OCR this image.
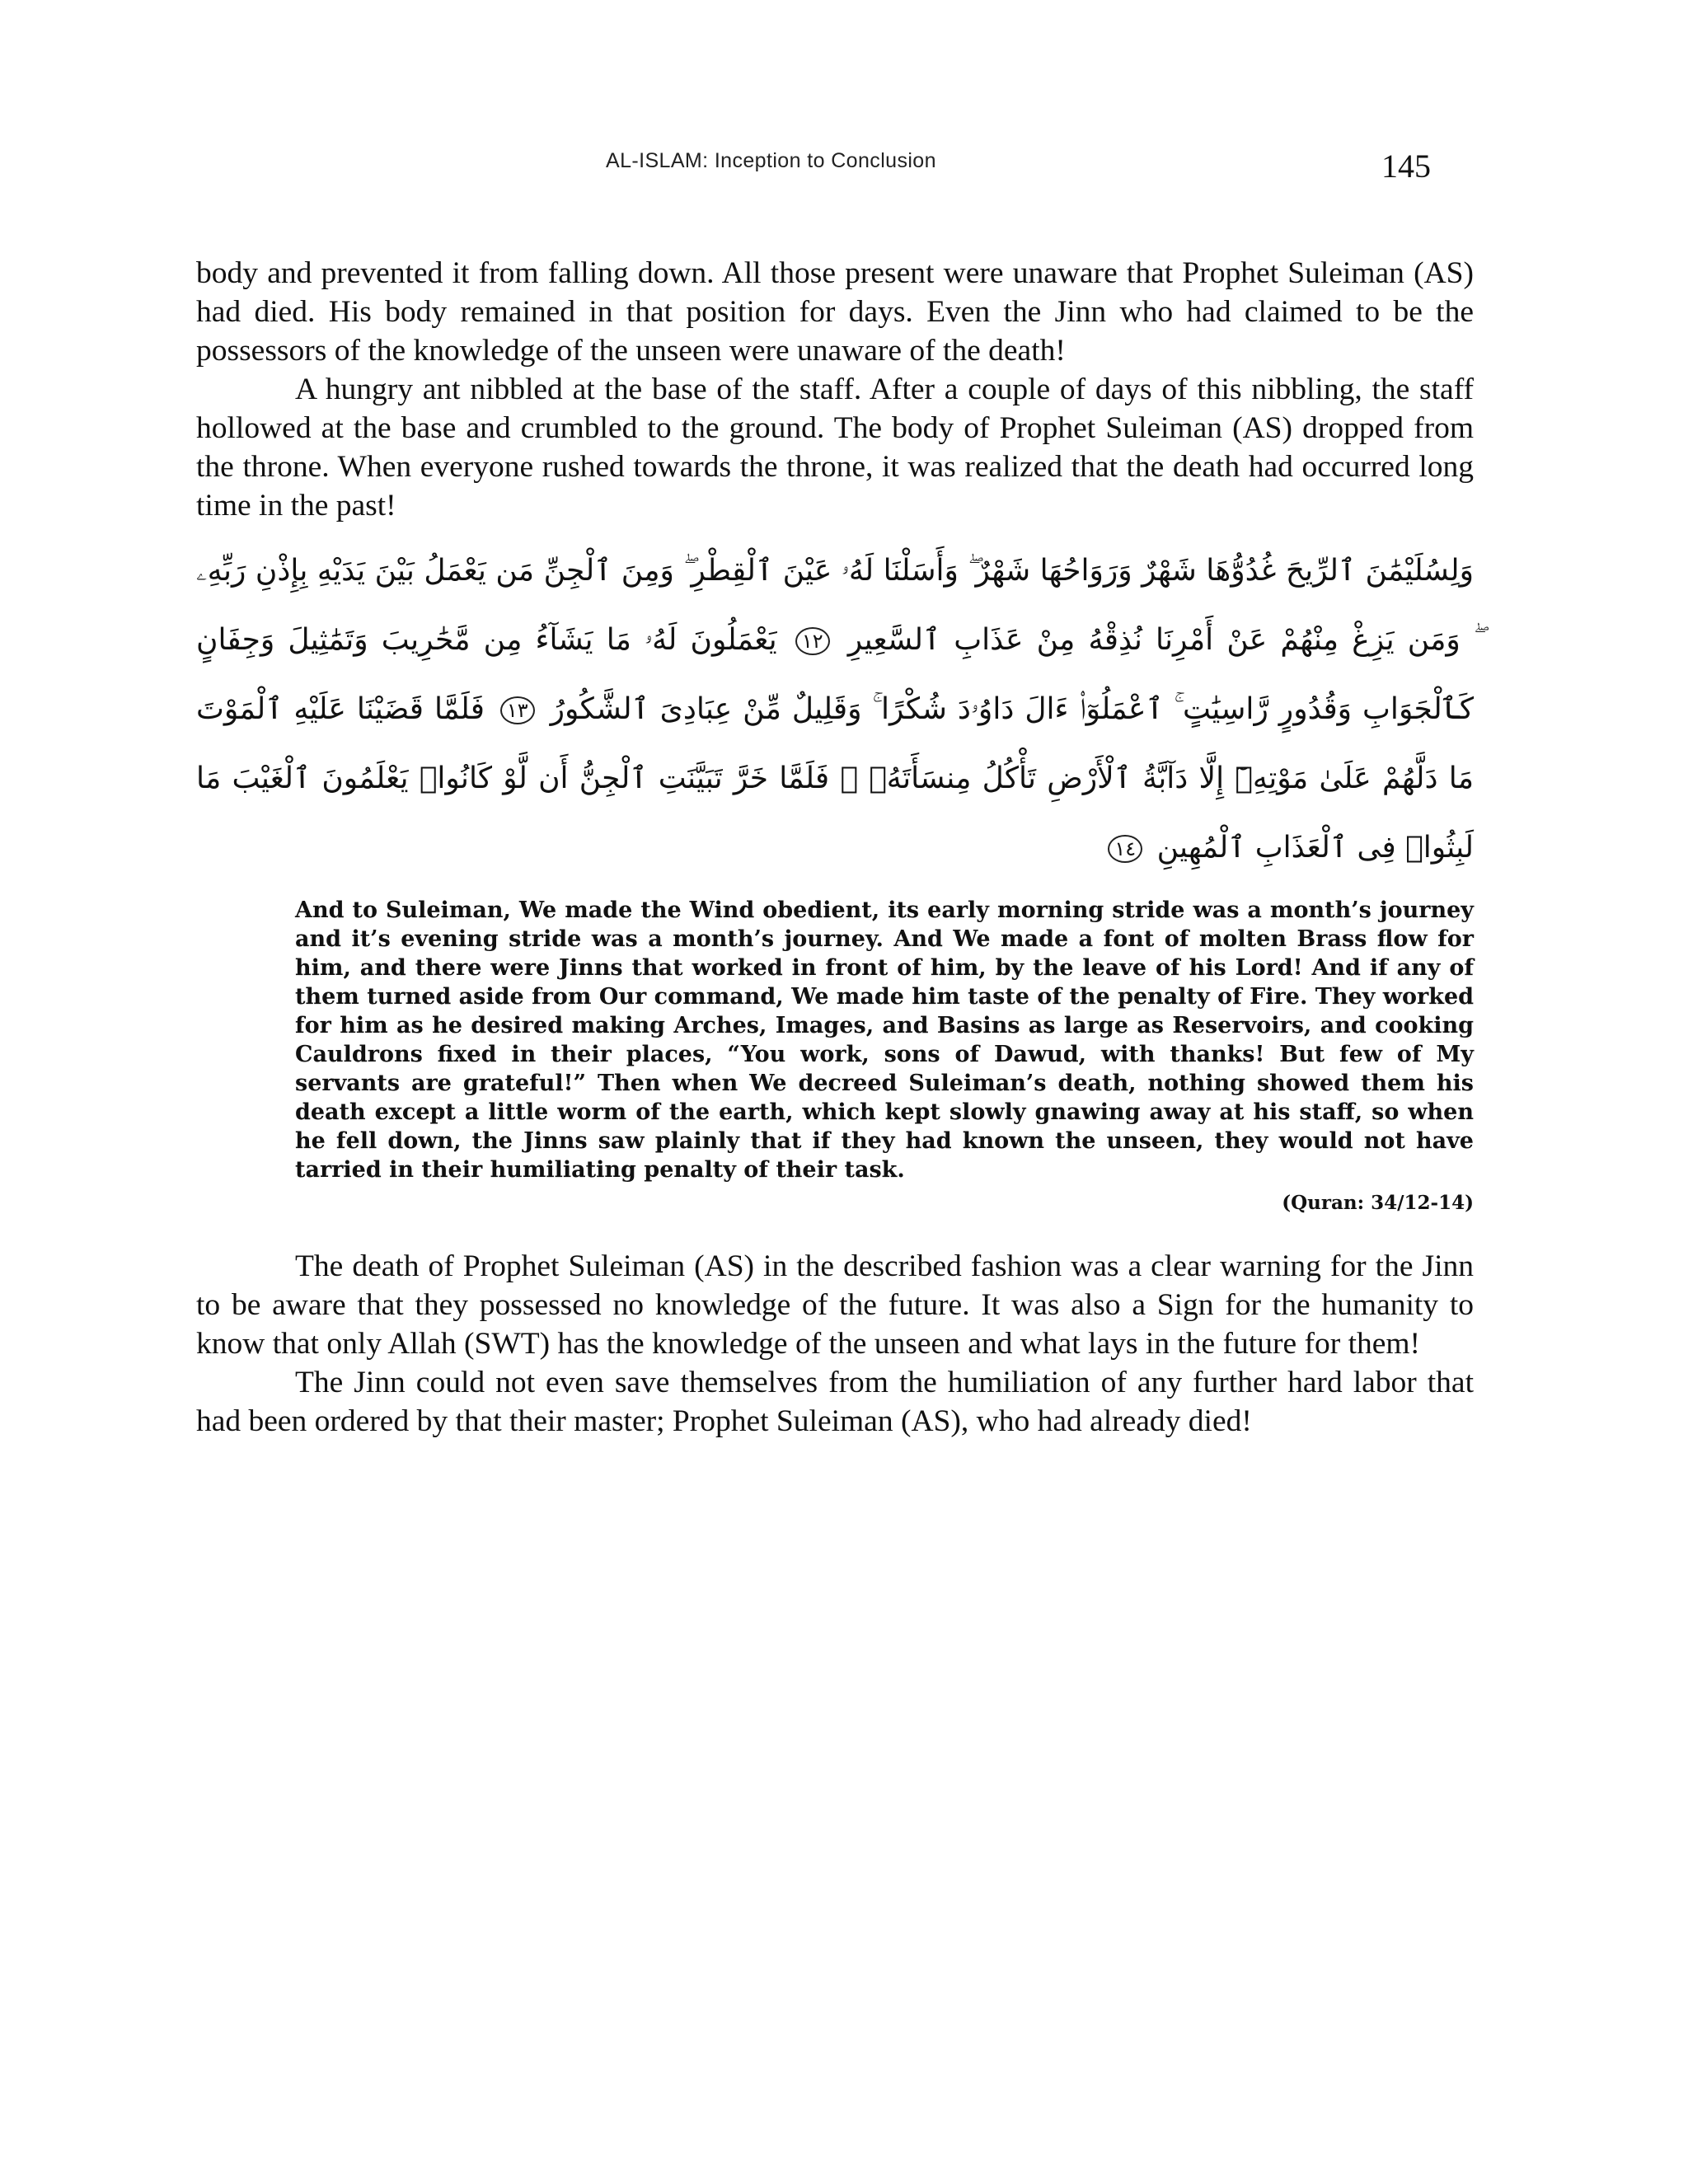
AL-ISLAM: Inception to Conclusion	145

body and prevented it from falling down. All those present were unaware that Prophet Suleiman (AS) had died. His body remained in that position for days. Even the Jinn who had claimed to be the possessors of the knowledge of the unseen were unaware of the death!

A hungry ant nibbled at the base of the staff. After a couple of days of this nibbling, the staff hollowed at the base and crumbled to the ground. The body of Prophet Suleiman (AS) dropped from the throne. When everyone rushed towards the throne, it was realized that the death had occurred long time in the past!

وَلِسُلَيْمَٰنَ ٱلرِّيحَ غُدُوُّهَا شَهْرٌ وَرَوَاحُهَا شَهْرٌ ۖ وَأَسَلْنَا لَهُۥ عَيْنَ ٱلْقِطْرِ ۖ وَمِنَ ٱلْجِنِّ مَن يَعْمَلُ بَيْنَ يَدَيْهِ بِإِذْنِ رَبِّهِۦ ۖ وَمَن يَزِغْ مِنْهُمْ عَنْ أَمْرِنَا نُذِقْهُ مِنْ عَذَابِ ٱلسَّعِيرِ ١٢ يَعْمَلُونَ لَهُۥ مَا يَشَآءُ مِن مَّحَٰرِيبَ وَتَمَٰثِيلَ وَجِفَانٍ كَٱلْجَوَابِ وَقُدُورٍ رَّاسِيَٰتٍ ۚ ٱعْمَلُوٓا۟ ءَالَ دَاوُۥدَ شُكْرًا ۚ وَقَلِيلٌ مِّنْ عِبَادِىَ ٱلشَّكُورُ ١٣ فَلَمَّا قَضَيْنَا عَلَيْهِ ٱلْمَوْتَ مَا دَلَّهُمْ عَلَىٰ مَوْتِهِۦٓ إِلَّا دَآبَّةُ ٱلْأَرْضِ تَأْكُلُ مِنسَأَتَهُۥ ۖ فَلَمَّا خَرَّ تَبَيَّنَتِ ٱلْجِنُّ أَن لَّوْ كَانُوا۟ يَعْلَمُونَ ٱلْغَيْبَ مَا لَبِثُوا۟ فِى ٱلْعَذَابِ ٱلْمُهِينِ ١٤

And to Suleiman, We made the Wind obedient, its early morning stride was a month’s journey and it’s evening stride was a month’s journey. And We made a font of molten Brass flow for him, and there were Jinns that worked in front of him, by the leave of his Lord! And if any of them turned aside from Our command, We made him taste of the penalty of Fire. They worked for him as he desired making Arches, Images, and Basins as large as Reservoirs, and cooking Cauldrons fixed in their places, “You work, sons of Dawud, with thanks! But few of My servants are grateful!” Then when We decreed Suleiman’s death, nothing showed them his death except a little worm of the earth, which kept slowly gnawing away at his staff, so when he fell down, the Jinns saw plainly that if they had known the unseen, they would not have tarried in their humiliating penalty of their task.

(Quran: 34/12-14)

The death of Prophet Suleiman (AS) in the described fashion was a clear warning for the Jinn to be aware that they possessed no knowledge of the future. It was also a Sign for the humanity to know that only Allah (SWT) has the knowledge of the unseen and what lays in the future for them!

The Jinn could not even save themselves from the humiliation of any further hard labor that had been ordered by that their master; Prophet Suleiman (AS), who had already died!
